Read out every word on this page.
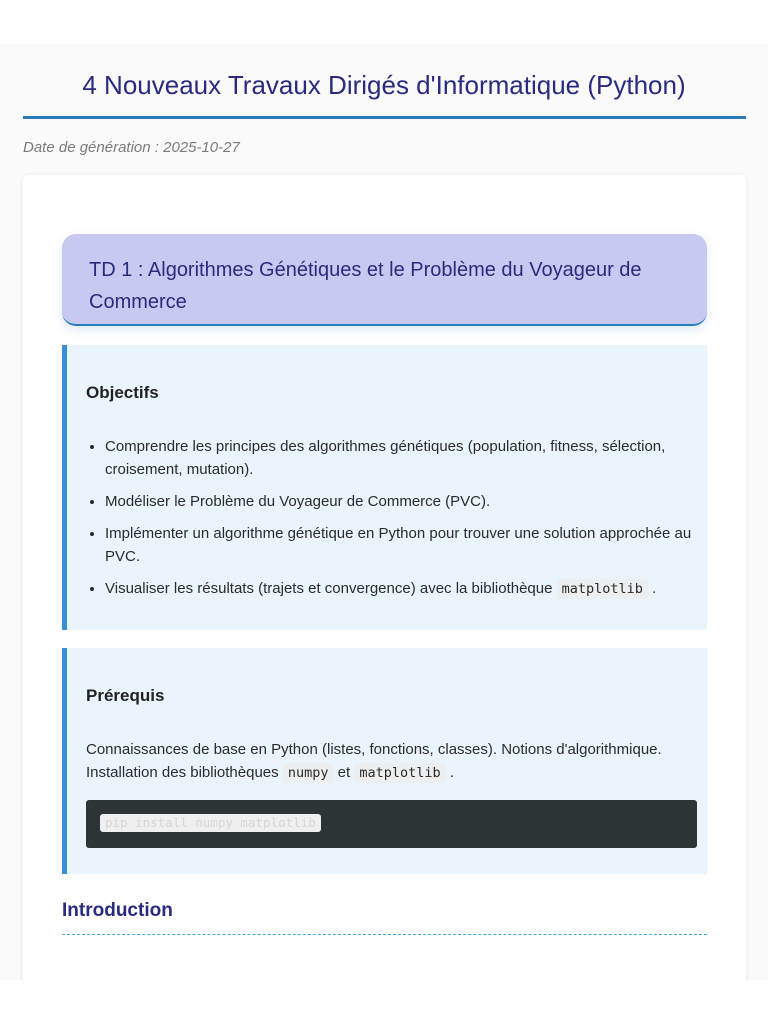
4 Nouveaux Travaux Dirigés d'Informatique (Python)
Date de génération : 2025-10-27
TD 1 : Algorithmes Génétiques et le Problème du Voyageur de Commerce
Objectifs
• Comprendre les principes des algorithmes génétiques (population, fitness, sélection, croisement, mutation).
• Modéliser le Problème du Voyageur de Commerce (PVC).
• Implémenter un algorithme génétique en Python pour trouver une solution approchée au PVC.
• Visualiser les résultats (trajets et convergence) avec la bibliothèque matplotlib .
Prérequis

Connaissances de base en Python (listes, fonctions, classes). Notions d'algorithmique. Installation des bibliothèques numpy et matplotlib .

pip install numpy matplotlib
Introduction
